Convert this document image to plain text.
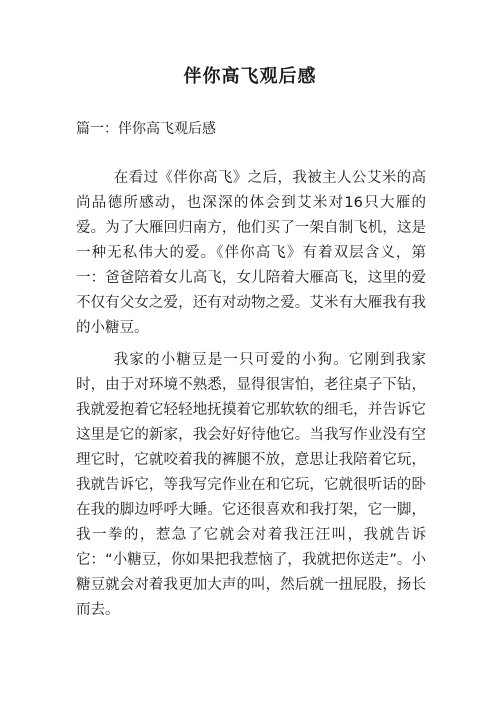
伴你高飞观后感

篇一：伴你高飞观后感

在看过《伴你高飞》之后，我被主人公艾米的高尚品德所感动，也深深的体会到艾米对16只大雁的爱。为了大雁回归南方，他们买了一架自制飞机，这是一种无私伟大的爱。《伴你高飞》有着双层含义，第一：爸爸陪着女儿高飞，女儿陪着大雁高飞，这里的爱不仅有父女之爱，还有对动物之爱。艾米有大雁我有我的小糖豆。

我家的小糖豆是一只可爱的小狗。它刚到我家时，由于对环境不熟悉，显得很害怕，老往桌子下钻，我就爱抱着它轻轻地抚摸着它那软软的细毛，并告诉它这里是它的新家，我会好好待他它。当我写作业没有空理它时，它就咬着我的裤腿不放，意思让我陪着它玩，我就告诉它，等我写完作业在和它玩，它就很听话的卧在我的脚边呼呼大睡。它还很喜欢和我打架，它一脚，我一拳的，惹急了它就会对着我汪汪叫，我就告诉它：“小糖豆，你如果把我惹恼了，我就把你送走”。小糖豆就会对着我更加大声的叫，然后就一扭屁股，扬长而去。
